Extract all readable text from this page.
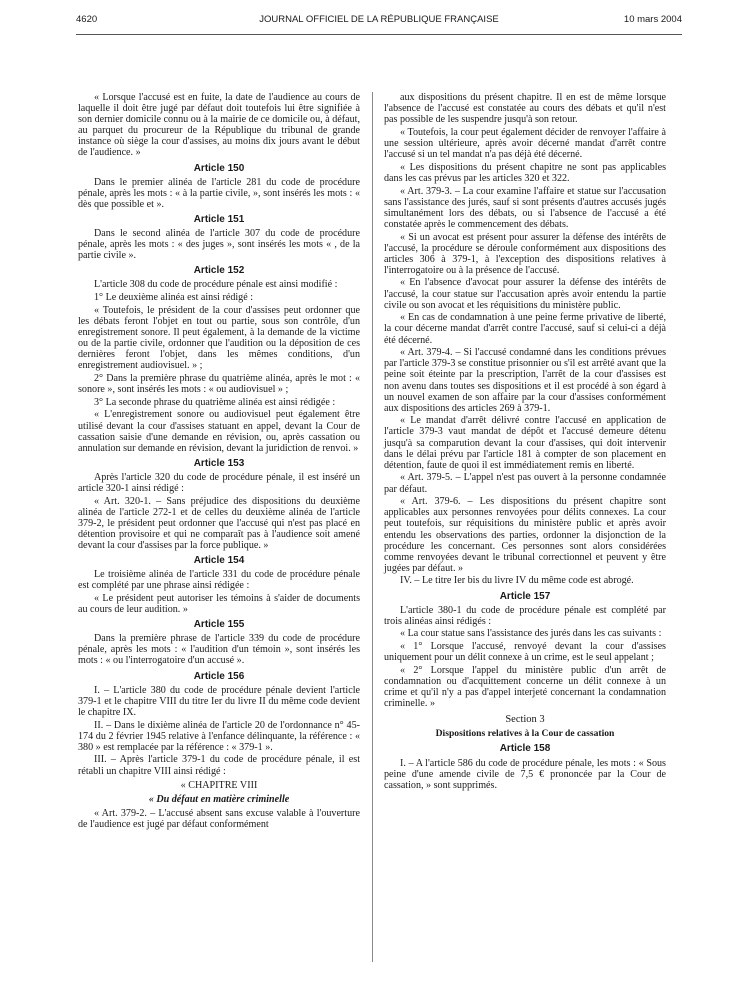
4620	JOURNAL OFFICIEL DE LA RÉPUBLIQUE FRANÇAISE	10 mars 2004

« Lorsque l'accusé est en fuite, la date de l'audience au cours de laquelle il doit être jugé par défaut doit toutefois lui être signifiée à son dernier domicile connu ou à la mairie de ce domicile ou, à défaut, au parquet du procureur de la République du tribunal de grande instance où siège la cour d'assises, au moins dix jours avant le début de l'audience. »

Article 150

Dans le premier alinéa de l'article 281 du code de procédure pénale, après les mots : « à la partie civile, », sont insérés les mots : « dès que possible et ».

Article 151

Dans le second alinéa de l'article 307 du code de procédure pénale, après les mots : « des juges », sont insérés les mots « , de la partie civile ».

Article 152

L'article 308 du code de procédure pénale est ainsi modifié :

1° Le deuxième alinéa est ainsi rédigé :

« Toutefois, le président de la cour d'assises peut ordonner que les débats feront l'objet en tout ou partie, sous son contrôle, d'un enregistrement sonore. Il peut également, à la demande de la victime ou de la partie civile, ordonner que l'audition ou la déposition de ces dernières feront l'objet, dans les mêmes conditions, d'un enregistrement audiovisuel. » ;

2° Dans la première phrase du quatrième alinéa, après le mot : « sonore », sont insérés les mots : « ou audiovisuel » ;

3° La seconde phrase du quatrième alinéa est ainsi rédigée :

« L'enregistrement sonore ou audiovisuel peut également être utilisé devant la cour d'assises statuant en appel, devant la Cour de cassation saisie d'une demande en révision, ou, après cassation ou annulation sur demande en révision, devant la juridiction de renvoi. »

Article 153

Après l'article 320 du code de procédure pénale, il est inséré un article 320-1 ainsi rédigé :

« Art. 320-1. – Sans préjudice des dispositions du deuxième alinéa de l'article 272-1 et de celles du deuxième alinéa de l'article 379-2, le président peut ordonner que l'accusé qui n'est pas placé en détention provisoire et qui ne comparaît pas à l'audience soit amené devant la cour d'assises par la force publique. »

Article 154

Le troisième alinéa de l'article 331 du code de procédure pénale est complété par une phrase ainsi rédigée :

« Le président peut autoriser les témoins à s'aider de documents au cours de leur audition. »

Article 155

Dans la première phrase de l'article 339 du code de procédure pénale, après les mots : « l'audition d'un témoin », sont insérés les mots : « ou l'interrogatoire d'un accusé ».

Article 156

I. – L'article 380 du code de procédure pénale devient l'article 379-1 et le chapitre VIII du titre Ier du livre II du même code devient le chapitre IX.

II. – Dans le dixième alinéa de l'article 20 de l'ordonnance n° 45-174 du 2 février 1945 relative à l'enfance délinquante, la référence : « 380 » est remplacée par la référence : « 379-1 ».

III. – Après l'article 379-1 du code de procédure pénale, il est rétabli un chapitre VIII ainsi rédigé :

« CHAPITRE VIII

« Du défaut en matière criminelle

« Art. 379-2. – L'accusé absent sans excuse valable à l'ouverture de l'audience est jugé par défaut conformément

aux dispositions du présent chapitre. Il en est de même lorsque l'absence de l'accusé est constatée au cours des débats et qu'il n'est pas possible de les suspendre jusqu'à son retour.

« Toutefois, la cour peut également décider de renvoyer l'affaire à une session ultérieure, après avoir décerné mandat d'arrêt contre l'accusé si un tel mandat n'a pas déjà été décerné.

« Les dispositions du présent chapitre ne sont pas applicables dans les cas prévus par les articles 320 et 322.

« Art. 379-3. – La cour examine l'affaire et statue sur l'accusation sans l'assistance des jurés, sauf si sont présents d'autres accusés jugés simultanément lors des débats, ou si l'absence de l'accusé a été constatée après le commencement des débats.

« Si un avocat est présent pour assurer la défense des intérêts de l'accusé, la procédure se déroule conformément aux dispositions des articles 306 à 379-1, à l'exception des dispositions relatives à l'interrogatoire ou à la présence de l'accusé.

« En l'absence d'avocat pour assurer la défense des intérêts de l'accusé, la cour statue sur l'accusation après avoir entendu la partie civile ou son avocat et les réquisitions du ministère public.

« En cas de condamnation à une peine ferme privative de liberté, la cour décerne mandat d'arrêt contre l'accusé, sauf si celui-ci a déjà été décerné.

« Art. 379-4. – Si l'accusé condamné dans les conditions prévues par l'article 379-3 se constitue prisonnier ou s'il est arrêté avant que la peine soit éteinte par la prescription, l'arrêt de la cour d'assises est non avenu dans toutes ses dispositions et il est procédé à son égard à un nouvel examen de son affaire par la cour d'assises conformément aux dispositions des articles 269 à 379-1.

« Le mandat d'arrêt délivré contre l'accusé en application de l'article 379-3 vaut mandat de dépôt et l'accusé demeure détenu jusqu'à sa comparution devant la cour d'assises, qui doit intervenir dans le délai prévu par l'article 181 à compter de son placement en détention, faute de quoi il est immédiatement remis en liberté.

« Art. 379-5. – L'appel n'est pas ouvert à la personne condamnée par défaut.

« Art. 379-6. – Les dispositions du présent chapitre sont applicables aux personnes renvoyées pour délits connexes. La cour peut toutefois, sur réquisitions du ministère public et après avoir entendu les observations des parties, ordonner la disjonction de la procédure les concernant. Ces personnes sont alors considérées comme renvoyées devant le tribunal correctionnel et peuvent y être jugées par défaut. »

IV. – Le titre Ier bis du livre IV du même code est abrogé.

Article 157

L'article 380-1 du code de procédure pénale est complété par trois alinéas ainsi rédigés :

« La cour statue sans l'assistance des jurés dans les cas suivants :

« 1° Lorsque l'accusé, renvoyé devant la cour d'assises uniquement pour un délit connexe à un crime, est le seul appelant ;

« 2° Lorsque l'appel du ministère public d'un arrêt de condamnation ou d'acquittement concerne un délit connexe à un crime et qu'il n'y a pas d'appel interjeté concernant la condamnation criminelle. »

Section 3
Dispositions relatives à la Cour de cassation
Article 158

I. – A l'article 586 du code de procédure pénale, les mots : « Sous peine d'une amende civile de 7,5 € prononcée par la Cour de cassation, » sont supprimés.
